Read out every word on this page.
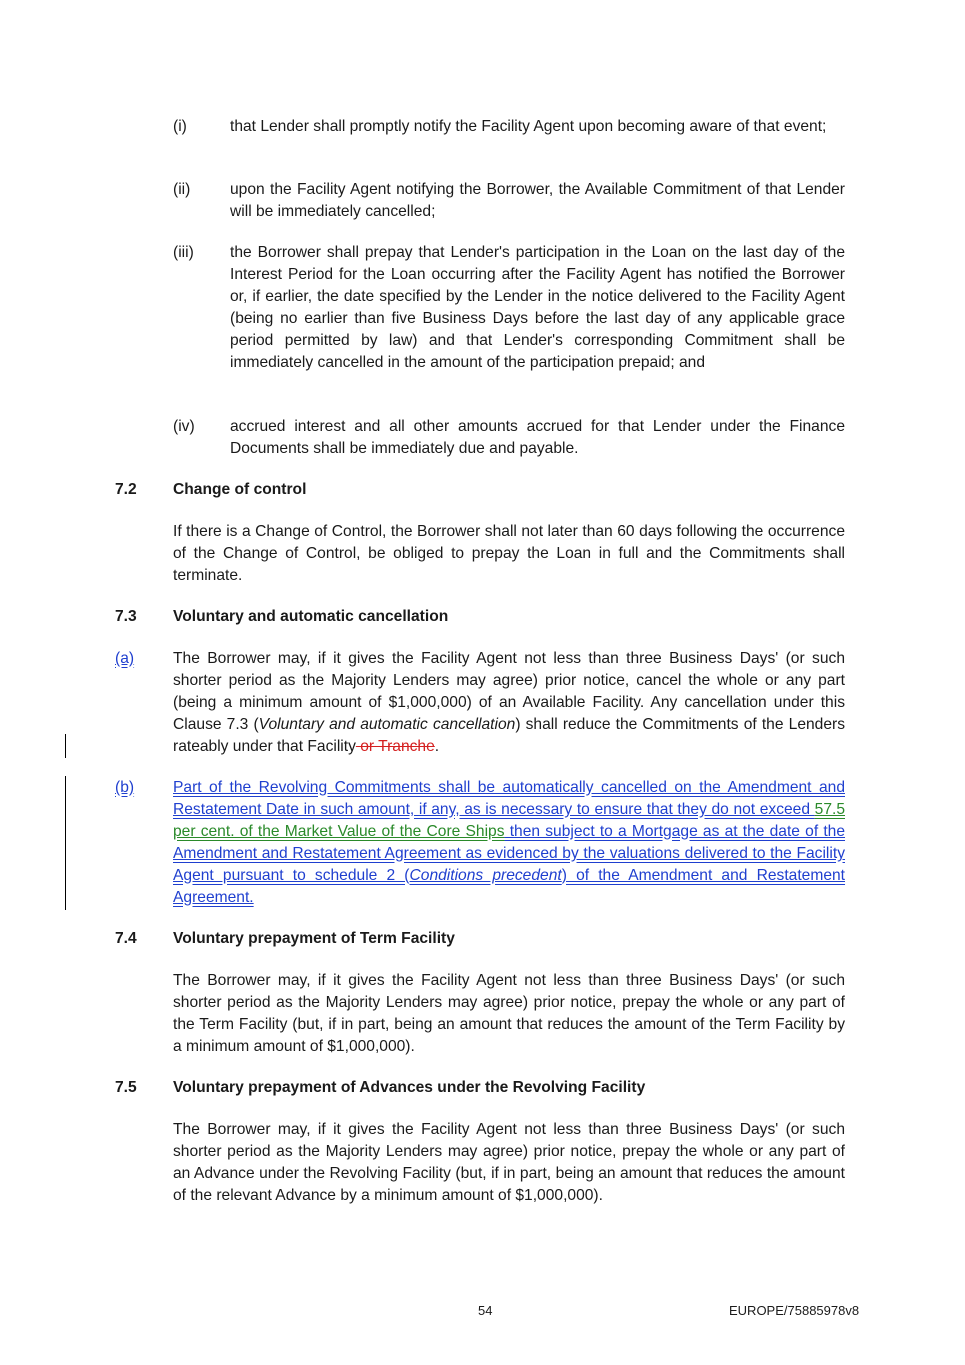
(i)	that Lender shall promptly notify the Facility Agent upon becoming aware of that event;
(ii)	upon the Facility Agent notifying the Borrower, the Available Commitment of that Lender will be immediately cancelled;
(iii) the Borrower shall prepay that Lender's participation in the Loan on the last day of the Interest Period for the Loan occurring after the Facility Agent has notified the Borrower or, if earlier, the date specified by the Lender in the notice delivered to the Facility Agent (being no earlier than five Business Days before the last day of any applicable grace period permitted by law) and that Lender's corresponding Commitment shall be immediately cancelled in the amount of the participation prepaid; and
(iv) accrued interest and all other amounts accrued for that Lender under the Finance Documents shall be immediately due and payable.
7.2 Change of control
If there is a Change of Control, the Borrower shall not later than 60 days following the occurrence of the Change of Control, be obliged to prepay the Loan in full and the Commitments shall terminate.
7.3 Voluntary and automatic cancellation
(a) The Borrower may, if it gives the Facility Agent not less than three Business Days' (or such shorter period as the Majority Lenders may agree) prior notice, cancel the whole or any part (being a minimum amount of $1,000,000) of an Available Facility. Any cancellation under this Clause 7.3 (Voluntary and automatic cancellation) shall reduce the Commitments of the Lenders rateably under that Facility or Tranche.
(b) Part of the Revolving Commitments shall be automatically cancelled on the Amendment and Restatement Date in such amount, if any, as is necessary to ensure that they do not exceed 57.5 per cent. of the Market Value of the Core Ships then subject to a Mortgage as at the date of the Amendment and Restatement Agreement as evidenced by the valuations delivered to the Facility Agent pursuant to schedule 2 (Conditions precedent) of the Amendment and Restatement Agreement.
7.4 Voluntary prepayment of Term Facility
The Borrower may, if it gives the Facility Agent not less than three Business Days' (or such shorter period as the Majority Lenders may agree) prior notice, prepay the whole or any part of the Term Facility (but, if in part, being an amount that reduces the amount of the Term Facility by a minimum amount of $1,000,000).
7.5 Voluntary prepayment of Advances under the Revolving Facility
The Borrower may, if it gives the Facility Agent not less than three Business Days' (or such shorter period as the Majority Lenders may agree) prior notice, prepay the whole or any part of an Advance under the Revolving Facility (but, if in part, being an amount that reduces the amount of the relevant Advance by a minimum amount of $1,000,000).
54	EUROPE/75885978v8
